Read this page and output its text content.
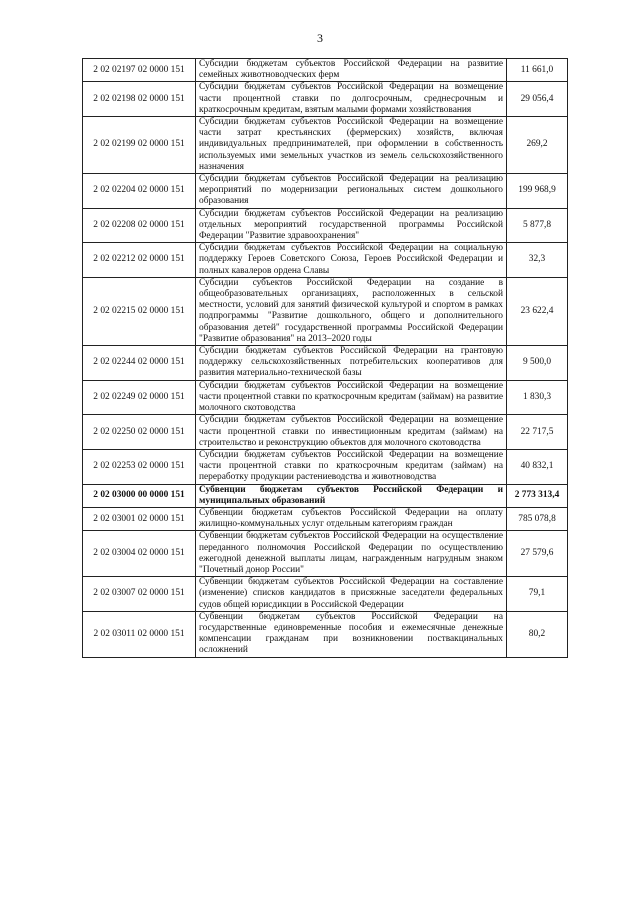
3
2 02 02197 02 0000 151	Субсидии бюджетам субъектов Российской Федерации на развитие семейных животноводческих ферм	11 661,0
2 02 02198 02 0000 151	Субсидии бюджетам субъектов Российской Федерации на возмещение части процентной ставки по долгосрочным, среднесрочным и краткосрочным кредитам, взятым малыми формами хозяйствования	29 056,4
2 02 02199 02 0000 151	Субсидии бюджетам субъектов Российской Федерации на возмещение части затрат крестьянских (фермерских) хозяйств, включая индивидуальных предпринимателей, при оформлении в собственность используемых ими земельных участков из земель сельскохозяйственного назначения	269,2
2 02 02204 02 0000 151	Субсидии бюджетам субъектов Российской Федерации на реализацию мероприятий по модернизации региональных систем дошкольного образования	199 968,9
2 02 02208 02 0000 151	Субсидии бюджетам субъектов Российской Федерации на реализацию отдельных мероприятий государственной программы Российской Федерации "Развитие здравоохранения"	5 877,8
2 02 02212 02 0000 151	Субсидии бюджетам субъектов Российской Федерации на социальную поддержку Героев Советского Союза, Героев Российской Федерации и полных кавалеров ордена Славы	32,3
2 02 02215 02 0000 151	Субсидии субъектов Российской Федерации на создание в общеобразовательных организациях, расположенных в сельской местности, условий для занятий физической культурой и спортом в рамках подпрограммы "Развитие дошкольного, общего и дополнительного образования детей" государственной программы Российской Федерации "Развитие образования" на 2013–2020 годы	23 622,4
2 02 02244 02 0000 151	Субсидии бюджетам субъектов Российской Федерации на грантовую поддержку сельскохозяйственных потребительских кооперативов для развития материально-технической базы	9 500,0
2 02 02249 02 0000 151	Субсидии бюджетам субъектов Российской Федерации на возмещение части процентной ставки по краткосрочным кредитам (займам) на развитие молочного скотоводства	1 830,3
2 02 02250 02 0000 151	Субсидии бюджетам субъектов Российской Федерации на возмещение части процентной ставки по инвестиционным кредитам (займам) на строительство и реконструкцию объектов для молочного скотоводства	22 717,5
2 02 02253 02 0000 151	Субсидии бюджетам субъектов Российской Федерации на возмещение части процентной ставки по краткосрочным кредитам (займам) на переработку продукции растениеводства и животноводства	40 832,1
2 02 03000 00 0000 151	Субвенции бюджетам субъектов Российской Федерации и муниципальных образований	2 773 313,4
2 02 03001 02 0000 151	Субвенции бюджетам субъектов Российской Федерации на оплату жилищно-коммунальных услуг отдельным категориям граждан	785 078,8
2 02 03004 02 0000 151	Субвенции бюджетам субъектов Российской Федерации на осуществление переданного полномочия Российской Федерации по осуществлению ежегодной денежной выплаты лицам, награжденным нагрудным знаком "Почетный донор России"	27 579,6
2 02 03007 02 0000 151	Субвенции бюджетам субъектов Российской Федерации на составление (изменение) списков кандидатов в присяжные заседатели федеральных судов общей юрисдикции в Российской Федерации	79,1
2 02 03011 02 0000 151	Субвенции бюджетам субъектов Российской Федерации на государственные единовременные пособия и ежемесячные денежные компенсации гражданам при возникновении поствакцинальных осложнений	80,2
